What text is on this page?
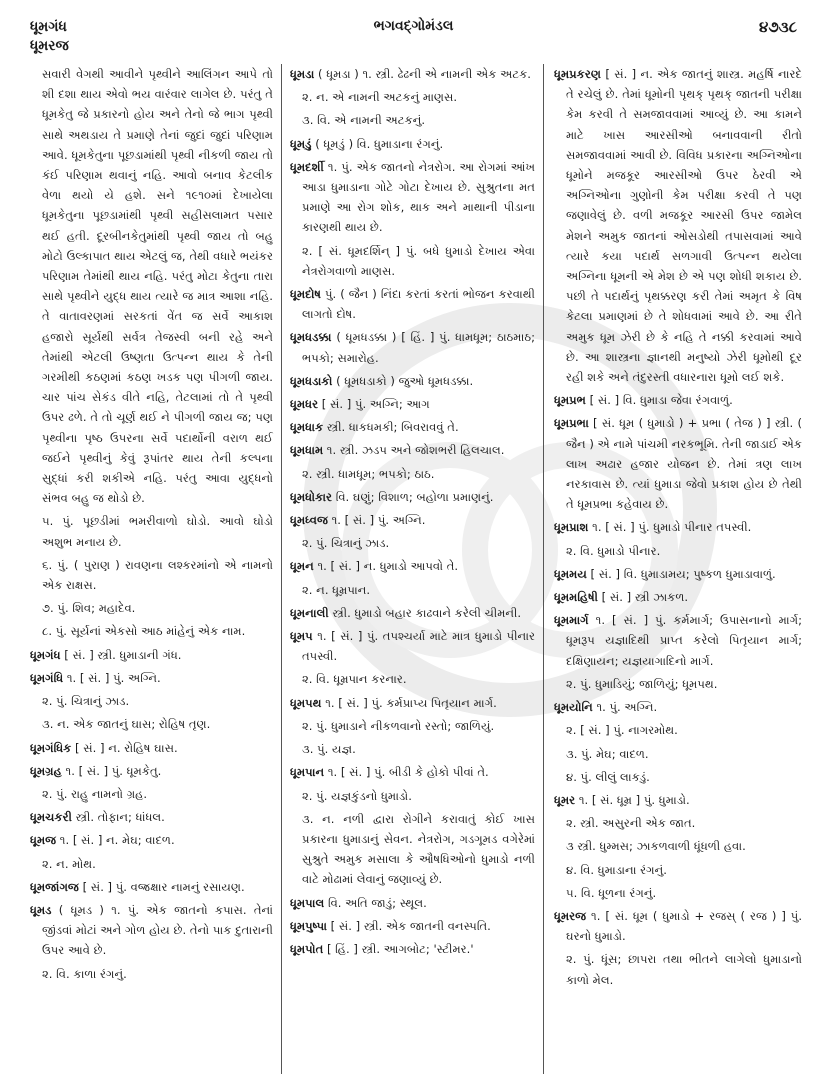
ધૂમગંધ
ધૂમરજ
ભગવદ્ગોમંડલ	૪૭૩૮
સવારી વેગથી આવીને પૃથ્વીને આલિંગન આપે તો શી દશા થાય એવો ભય વારંવાર લાગેલ છે. પરંતુ તે ધૂમકેતુ જે પ્રકારનો હોય અને તેનો જે ભાગ પૃથ્વી સાથે અથડાય તે પ્રમાણે તેનાં જુદાં જુદાં પરિણામ આવે. ધૂમકેતુના પૂછડામાંથી પૃથ્વી નીકળી જાય તો કંઈ પરિણામ થવાનું નહિ. આવો બનાવ કેટલીક વેળા થયો યે હશે. સને ૧૯૧૦માં દેખાયેલા ધૂમકેતુના પૂછડામાંથી પૃથ્વી સહીસલામત પસાર થઈ હતી. દૂરબીનકેતુમાંથી પૃથ્વી જાય તો બહુ મોટો ઉલ્કાપાત થાય એટલું જ, તેથી વધારે ભયંકર પરિણામ તેમાંથી થાય નહિ. પરંતુ મોટા કેતુના તારા સાથે પૃથ્વીને યુદ્ધ થાય ત્યારે જ માત્ર આશા નહિ. તે વાતાવરણમાં સરકતાં વેંત જ સર્વે આકાશ હજારો સૂર્યથી સર્વત્ર તેજસ્વી બની રહે અને તેમાંથી એટલી ઉષ્ણતા ઉત્પન્ન થાય કે તેની ગરમીથી કઠણમાં કઠણ ખડક પણ પીગળી જાય. ચાર પાંચ સેકંડ વીતે નહિ, તેટલામાં તો તે પૃથ્વી ઉપર ઢળે. તે તો ચૂર્ણ થઈ ને પીગળી જાય જ; પણ પૃથ્વીના પૃષ્ઠ ઉપરના સર્વે પદાર્થોની વરાળ થઈ જઈને પૃથ્વીનું કેવું રૂપાંતર થાય તેની કલ્પના સુદ્ધાં કરી શકીએ નહિ. પરંતુ આવા યુદ્ધનો સંભવ બહુ જ થોડો છે.
૫. પું. પૂછડીમાં ભમરીવાળો ઘોડો. આવો ઘોડો અશુભ મનાય છે.
૬. પું. ( પુરાણ ) રાવણના લશ્કરમાંનો એ નામનો એક રાક્ષસ.
૭. પું. શિવ; મહાદેવ.
૮. પું. સૂર્યનાં એકસો આઠ માંહેનું એક નામ.
ધૂમગંધ [ સં. ] સ્ત્રી. ધુમાડાની ગંધ.
ધૂમગંધિ ૧. [ સં. ] પું. અગ્નિ.
૨. પું. ચિત્રાનું ઝાડ.
૩. ન. એક જાતનું ઘાસ; રોહિષ તૃણ.
ધૂમગંધિક [ સં. ] ન. રોહિષ ઘાસ.
ધૂમગ્રહ ૧. [ સં. ] પું. ધૂમકેતુ.
૨. પું. રાહુ નામનો ગ્રહ.
ધૂમચકરી સ્ત્રી. તોફાન; ધાંધલ.
ધૂમજ ૧. [ સં. ] ન. મેઘ; વાદળ.
૨. ન. મોથ.
ધૂમજાંગજ [ સં. ] પું. વજ્રક્ષાર નામનું રસાયણ.
ધૂમડ ( ધૂમડ ) ૧. પું. એક જાતનો કપાસ. તેનાં જીંડવાં મોટાં અને ગોળ હોય છે. તેનો પાક દુતારાની ઉપર આવે છે.
૨. વિ. કાળા રંગનું.
ધૂમડા ( ધૂમડા ) ૧. સ્ત્રી. ઢેઢની એ નામની એક અટક.
૨. ન. એ નામની અટકનું માણસ.
૩. વિ. એ નામની અટકનું.
ધૂમડું ( ધૂમડું ) વિ. ધુમાડાના રંગનું.
ધૂમદર્શી ૧. પું. એક જાતનો નેત્રરોગ. આ રોગમાં આંખ આડા ધુમાડાના ગોટે ગોટા દેખાય છે. સુશ્રુતના મત પ્રમાણે આ રોગ શોક, થાક અને માથાની પીડાના કારણથી થાય છે.
૨. [ સં. ધૂમદર્શિન્ ] પું. બધે ધુમાડો દેખાય એવા નેત્રરોગવાળો માણસ.
ધૂમદોષ પું. ( જૈન ) નિંદા કરતાં કરતાં ભોજન કરવાથી લાગતો દોષ.
ધૂમધડક્કા ( ધૂમધડક્કા ) [ હિં. ] પું. ધામધૂમ; ઠાઠમાઠ; ભપકો; સમારોહ.
ધૂમધડાકો ( ધૂમધડાકો ) જુઓ ધૂમધડક્કા.
ધૂમધર [ સં. ] પું. અગ્નિ; આગ
ધૂમધાક સ્ત્રી. ધાકધમકી; બિવરાવવું તે.
ધૂમધામ ૧. સ્ત્રી. ઝડપ અને જોશભરી હિલચાલ.
૨. સ્ત્રી. ધામધૂમ; ભપકો; ઠાઠ.
ધૂમધોકાર વિ. ઘણું; વિશાળ; બહોળા પ્રમાણનું.
ધૂમધ્વજ ૧. [ સં. ] પું. અગ્નિ.
૨. પું. ચિત્રાનું ઝાડ.
ધૂમન ૧. [ સં. ] ન. ધુમાડો આપવો તે.
૨. ન. ધૂમ્રપાન.
ધૂમનાલી સ્ત્રી. ધુમાડો બહાર કાઢવાને કરેલી ચીમની.
ધૂમપ ૧. [ સં. ] પું. તપશ્ચર્યા માટે માત્ર ધુમાડો પીનાર તપસ્વી.
૨. વિ. ધૂમ્રપાન કરનાર.
ધૂમપથ ૧. [ સં. ] પું. કર્મપ્રાપ્ય પિતૃયાન માર્ગ.
૨. પું. ધુમાડાને નીકળવાનો રસ્તો; જાળિયું.
૩. પું. યજ્ઞ.
ધૂમપાન ૧. [ સં. ] પું. બીડી કે હોકો પીવાં તે.
૨. પું. યજ્ઞકુંડનો ધુમાડો.
૩. ન. નળી દ્વારા રોગીને કરાવાતું કોઈ ખાસ પ્રકારના ધુમાડાનું સેવન. નેત્રરોગ, ગડગૂમડ વગેરેમાં સુશ્રુતે અમુક મસાલા કે ઔષધિઓનો ધુમાડો નળી વાટે મોઢામાં લેવાનું જણાવ્યું છે.
ધૂમપાલ વિ. અતિ જાડું; સ્થૂલ.
ધૂમપુષ્પા [ સં. ] સ્ત્રી. એક જાતની વનસ્પતિ.
ધૂમપોત [ હિં. ] સ્ત્રી. આગબોટ; 'સ્ટીમર.'
ધૂમપ્રકરણ [ સં. ] ન. એક જાતનું શાસ્ત્ર. મહર્ષિ નારદે તે રચેલું છે. તેમાં ધૂમોની પૃથક્ પૃથક્ જાતની પરીક્ષા કેમ કરવી તે સમજાવવામાં આવ્યું છે. આ કામને માટે ખાસ આરસીઓ બનાવવાની રીતો સમજાવવામાં આવી છે. વિવિધ પ્રકારના અગ્નિઓના ધૂમોને મજકૂર આરસીઓ ઉપર ઠેરવી એ અગ્નિઓના ગુણોની કેમ પરીક્ષા કરવી તે પણ જણાવેલું છે. વળી મજકૂર આરસી ઉપર જામેલ મેશને અમુક જાતનાં ઓસડોથી તપાસવામાં આવે ત્યારે કયા પદાર્થ સળગાવી ઉત્પન્ન થયેલા અગ્નિના ધૂમની એ મેશ છે એ પણ શોધી શકાય છે. પછી તે પદાર્થનું પૃથક્કરણ કરી તેમાં અમૃત કે વિષ કેટલા પ્રમાણમાં છે તે શોધવામાં આવે છે. આ રીતે અમુક ધૂમ ઝેરી છે કે નહિ તે નક્કી કરવામાં આવે છે. આ શાસ્ત્રના જ્ઞાનથી મનુષ્યો ઝેરી ધૂમોથી દૂર રહી શકે અને તંદુરસ્તી વધારનારા ધૂમો લઈ શકે.
ધૂમપ્રભ [ સં. ] વિ. ધુમાડા જેવા રંગવાળું.
ધૂમપ્રભા [ સં. ધૂમ ( ધુમાડો ) + પ્રભા ( તેજ ) ] સ્ત્રી. ( જૈન ) એ નામે પાંચમી નરકભૂમિ. તેની જાડાઈ એક લાખ અઢાર હજાર યોજન છે. તેમાં ત્રણ લાખ નરકાવાસ છે. ત્યાં ધુમાડા જેવો પ્રકાશ હોય છે તેથી તે ધૂમપ્રભા કહેવાય છે.
ધૂમપ્રાશ ૧. [ સં. ] પું. ધુમાડો પીનાર તપસ્વી.
૨. વિ. ધુમાડો પીનાર.
ધૂમમય [ સં. ] વિ. ધુમાડામય; પુષ્કળ ધુમાડાવાળું.
ધૂમમહિષી [ સં. ] સ્ત્રી ઝાકળ.
ધૂમમાર્ગ ૧. [ સં. ] પું. કર્મમાર્ગ; ઉપાસનાનો માર્ગ; ધૂમરૂપ યજ્ઞાદિથી પ્રાપ્ત કરેલો પિતૃયાન માર્ગ; દક્ષિણાયન; યજ્ઞયાગાદિનો માર્ગ.
૨. પું. ધુમાડિયું; જાળિયું; ધૂમપથ.
ધૂમયોનિ ૧. પું. અગ્નિ.
૨. [ સં. ] પું. નાગરમોથ.
૩. પું. મેઘ; વાદળ.
૪. પું. લીલું લાકડું.
ધૂમર ૧. [ સં. ધૂમ્ર ] પું. ધુમાડો.
૨. સ્ત્રી. અસુરની એક જાત.
૩ સ્ત્રી. ધુમ્મસ; ઝાકળવાળી ધૂંધળી હવા.
૪. વિ. ધુમાડાના રંગનું.
૫. વિ. ધૂળના રંગનું.
ધૂમરજ ૧. [ સં. ધૂમ ( ધુમાડો + રજસ્ ( રજ ) ] પું. ઘરનો ધુમાડો.
૨. પું. ધૂંસ; છાપરા તથા ભીતને લાગેલો ધુમાડાનો કાળો મેલ.
